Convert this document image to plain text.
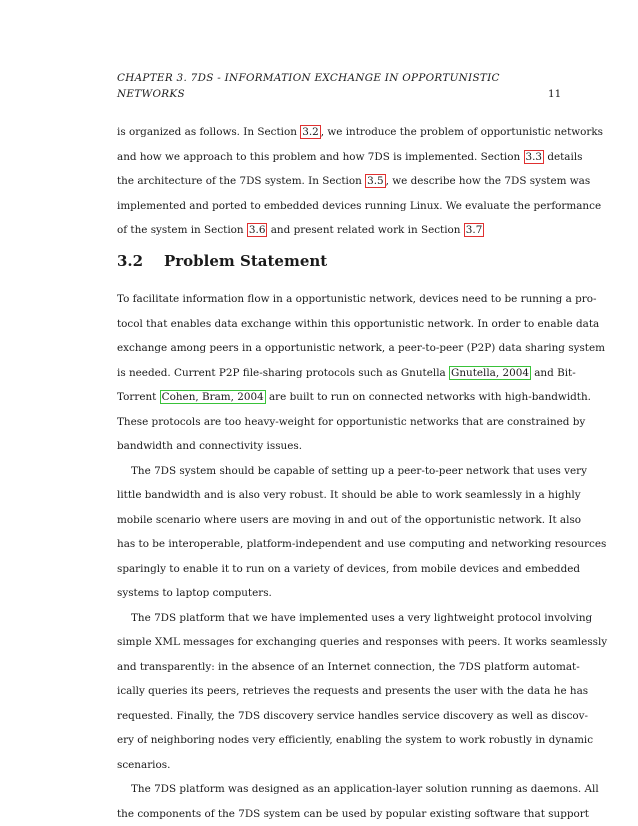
CHAPTER 3. 7DS - INFORMATION EXCHANGE IN OPPORTUNISTIC
NETWORKS	11
is organized as follows. In Section 3.2 , we introduce the problem of opportunistic networks
and how we approach to this problem and how 7DS is implemented. Section 3.3 details
the architecture of the 7DS system. In Section 3.5 , we describe how the 7DS system was
implemented and ported to embedded devices running Linux. We evaluate the performance
of the system in Section 3.6 and present related work in Section 3.7
3.2 Problem Statement
To facilitate information flow in a opportunistic network, devices need to be running a pro-
tocol that enables data exchange within this opportunistic network. In order to enable data
exchange among peers in a opportunistic network, a peer-to-peer (P2P) data sharing system
is needed. Current P2P file-sharing protocols such as Gnutella Gnutella, 2004 and Bit-
Torrent Cohen, Bram, 2004 are built to run on connected networks with high-bandwidth.
These protocols are too heavy-weight for opportunistic networks that are constrained by
bandwidth and connectivity issues.
The 7DS system should be capable of setting up a peer-to-peer network that uses very
little bandwidth and is also very robust. It should be able to work seamlessly in a highly
mobile scenario where users are moving in and out of the opportunistic network. It also
has to be interoperable, platform-independent and use computing and networking resources
sparingly to enable it to run on a variety of devices, from mobile devices and embedded
systems to laptop computers.
The 7DS platform that we have implemented uses a very lightweight protocol involving
simple XML messages for exchanging queries and responses with peers. It works seamlessly
and transparently: in the absence of an Internet connection, the 7DS platform automat-
ically queries its peers, retrieves the requests and presents the user with the data he has
requested. Finally, the 7DS discovery service handles service discovery as well as discov-
ery of neighboring nodes very efficiently, enabling the system to work robustly in dynamic
scenarios.
The 7DS platform was designed as an application-layer solution running as daemons. All
the components of the 7DS system can be used by popular existing software that support
